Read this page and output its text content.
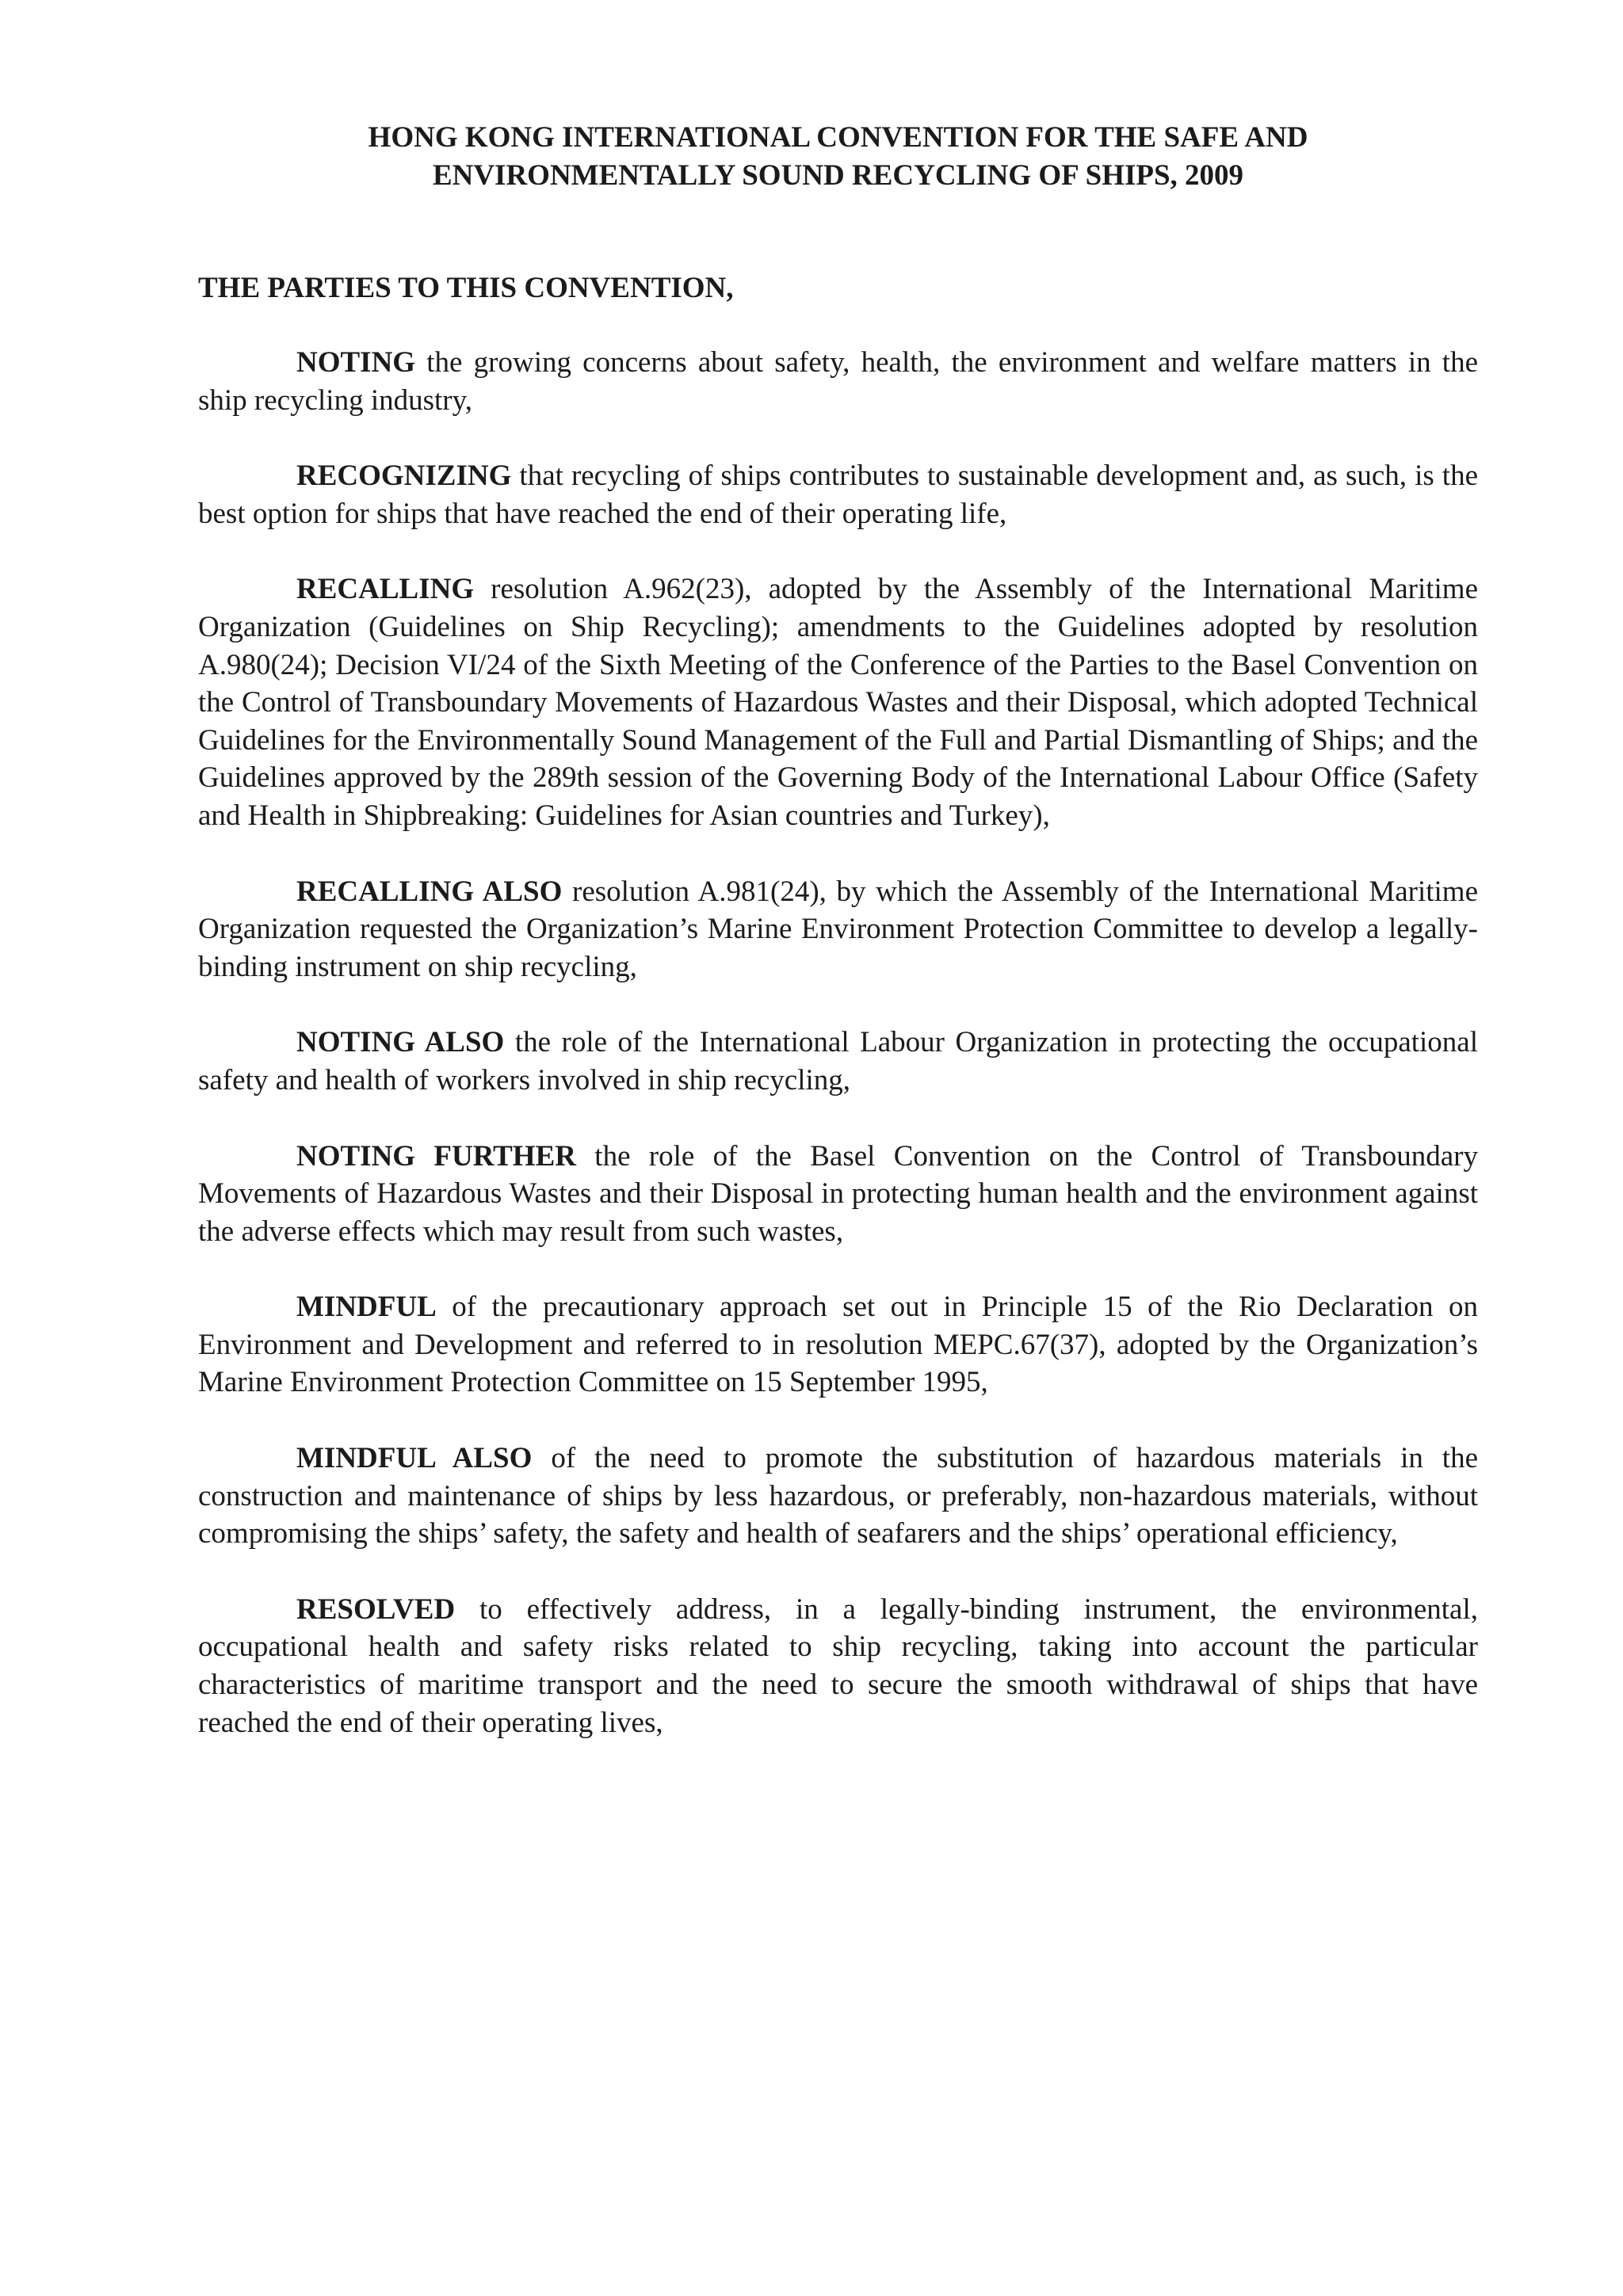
HONG KONG INTERNATIONAL CONVENTION FOR THE SAFE AND
ENVIRONMENTALLY SOUND RECYCLING OF SHIPS, 2009
THE PARTIES TO THIS CONVENTION,

NOTING the growing concerns about safety, health, the environment and welfare matters in the ship recycling industry,

RECOGNIZING that recycling of ships contributes to sustainable development and, as such, is the best option for ships that have reached the end of their operating life,

RECALLING resolution A.962(23), adopted by the Assembly of the International Maritime Organization (Guidelines on Ship Recycling); amendments to the Guidelines adopted by resolution A.980(24); Decision VI/24 of the Sixth Meeting of the Conference of the Parties to the Basel Convention on the Control of Transboundary Movements of Hazardous Wastes and their Disposal, which adopted Technical Guidelines for the Environmentally Sound Management of the Full and Partial Dismantling of Ships; and the Guidelines approved by the 289th session of the Governing Body of the International Labour Office (Safety and Health in Shipbreaking: Guidelines for Asian countries and Turkey),

RECALLING ALSO resolution A.981(24), by which the Assembly of the International Maritime Organization requested the Organization’s Marine Environment Protection Committee to develop a legally-binding instrument on ship recycling,

NOTING ALSO the role of the International Labour Organization in protecting the occupational safety and health of workers involved in ship recycling,

NOTING FURTHER the role of the Basel Convention on the Control of Transboundary Movements of Hazardous Wastes and their Disposal in protecting human health and the environment against the adverse effects which may result from such wastes,

MINDFUL of the precautionary approach set out in Principle 15 of the Rio Declaration on Environment and Development and referred to in resolution MEPC.67(37), adopted by the Organization’s Marine Environment Protection Committee on 15 September 1995,

MINDFUL ALSO of the need to promote the substitution of hazardous materials in the construction and maintenance of ships by less hazardous, or preferably, non-hazardous materials, without compromising the ships’ safety, the safety and health of seafarers and the ships’ operational efficiency,

RESOLVED to effectively address, in a legally-binding instrument, the environmental, occupational health and safety risks related to ship recycling, taking into account the particular characteristics of maritime transport and the need to secure the smooth withdrawal of ships that have reached the end of their operating lives,
